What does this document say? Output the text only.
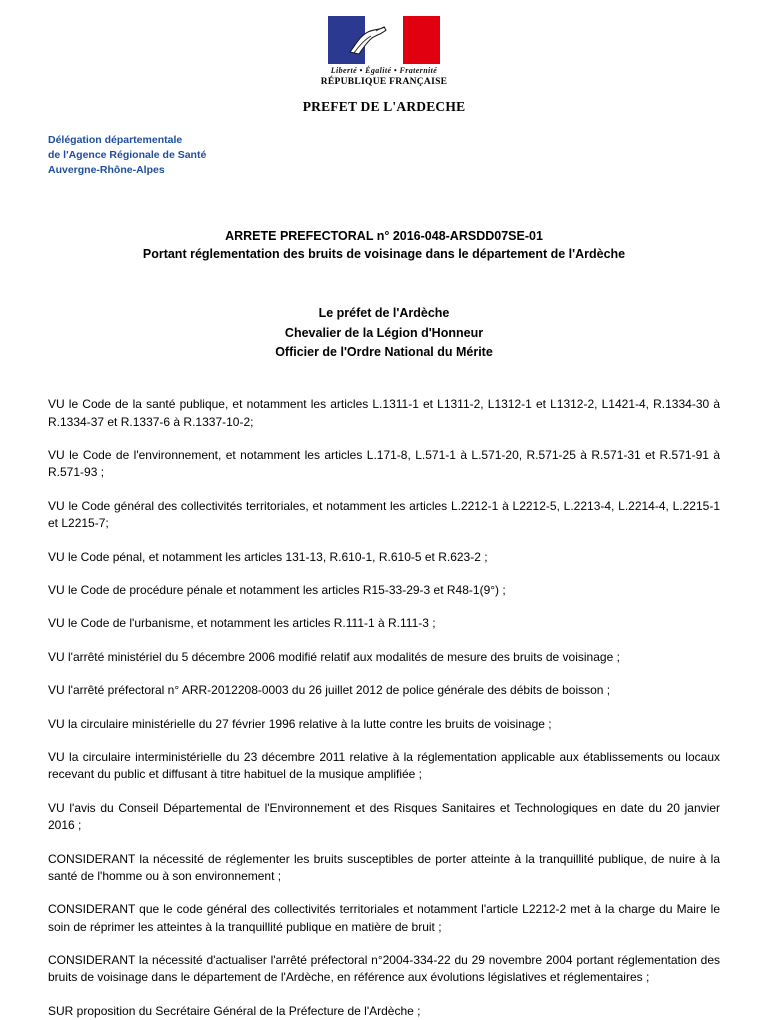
Liberté • Égalité • Fraternité
RÉPUBLIQUE FRANÇAISE
PREFET DE L'ARDECHE
Délégation départementale
de l'Agence Régionale de Santé
Auvergne-Rhône-Alpes
ARRETE PREFECTORAL n° 2016-048-ARSDD07SE-01
Portant réglementation des bruits de voisinage dans le département de l'Ardèche
Le préfet de l'Ardèche
Chevalier de la Légion d'Honneur
Officier de l'Ordre National du Mérite

VU le Code de la santé publique, et notamment les articles L.1311-1 et L1311-2, L1312-1 et L1312-2, L1421-4, R.1334-30 à R.1334-37 et R.1337-6 à R.1337-10-2;

VU le Code de l'environnement, et notamment les articles L.171-8, L.571-1 à L.571-20, R.571-25 à R.571-31 et R.571-91 à R.571-93 ;

VU le Code général des collectivités territoriales, et notamment les articles L.2212-1 à L2212-5, L.2213-4, L.2214-4, L.2215-1 et L2215-7;

VU le Code pénal, et notamment les articles 131-13, R.610-1, R.610-5 et R.623-2 ;

VU le Code de procédure pénale et notamment les articles R15-33-29-3 et R48-1(9°) ;

VU le Code de l'urbanisme, et notamment les articles R.111-1 à R.111-3 ;

VU l'arrêté ministériel du 5 décembre 2006 modifié relatif aux modalités de mesure des bruits de voisinage ;

VU l'arrêté préfectoral n° ARR-2012208-0003 du 26 juillet 2012 de police générale des débits de boisson ;

VU la circulaire ministérielle du 27 février 1996 relative à la lutte contre les bruits de voisinage ;

VU la circulaire interministérielle du 23 décembre 2011 relative à la réglementation applicable aux établissements ou locaux recevant du public et diffusant à titre habituel de la musique amplifiée ;

VU l'avis du Conseil Départemental de l'Environnement et des Risques Sanitaires et Technologiques en date du 20 janvier 2016 ;

CONSIDERANT la nécessité de réglementer les bruits susceptibles de porter atteinte à la tranquillité publique, de nuire à la santé de l'homme ou à son environnement ;

CONSIDERANT que le code général des collectivités territoriales et notamment l'article L2212-2 met à la charge du Maire le soin de réprimer les atteintes à la tranquillité publique en matière de bruit ;

CONSIDERANT la nécessité d'actualiser l'arrêté préfectoral n°2004-334-22 du 29 novembre 2004 portant réglementation des bruits de voisinage dans le département de l'Ardèche, en référence aux évolutions législatives et réglementaires ;

SUR proposition du Secrétaire Général de la Préfecture de l'Ardèche ;
